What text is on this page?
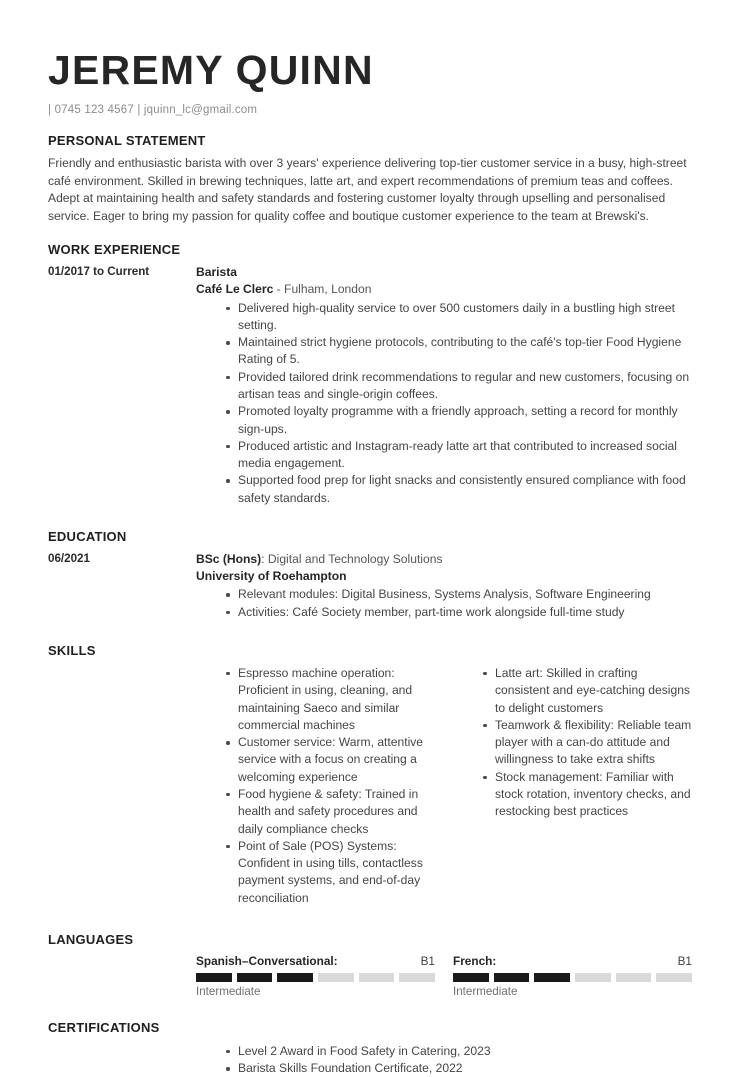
JEREMY QUINN
| 0745 123 4567 | jquinn_lc@gmail.com
PERSONAL STATEMENT
Friendly and enthusiastic barista with over 3 years' experience delivering top-tier customer service in a busy, high-street café environment. Skilled in brewing techniques, latte art, and expert recommendations of premium teas and coffees. Adept at maintaining health and safety standards and fostering customer loyalty through upselling and personalised service. Eager to bring my passion for quality coffee and boutique customer experience to the team at Brewski's.
WORK EXPERIENCE
01/2017 to Current	Barista
Café Le Clerc - Fulham, London
Delivered high-quality service to over 500 customers daily in a bustling high street setting.
Maintained strict hygiene protocols, contributing to the café's top-tier Food Hygiene Rating of 5.
Provided tailored drink recommendations to regular and new customers, focusing on artisan teas and single-origin coffees.
Promoted loyalty programme with a friendly approach, setting a record for monthly sign-ups.
Produced artistic and Instagram-ready latte art that contributed to increased social media engagement.
Supported food prep for light snacks and consistently ensured compliance with food safety standards.
EDUCATION
06/2021	BSc (Hons): Digital and Technology Solutions
University of Roehampton
Relevant modules: Digital Business, Systems Analysis, Software Engineering
Activities: Café Society member, part-time work alongside full-time study
SKILLS
Espresso machine operation: Proficient in using, cleaning, and maintaining Saeco and similar commercial machines
Customer service: Warm, attentive service with a focus on creating a welcoming experience
Food hygiene & safety: Trained in health and safety procedures and daily compliance checks
Point of Sale (POS) Systems: Confident in using tills, contactless payment systems, and end-of-day reconciliation
Latte art: Skilled in crafting consistent and eye-catching designs to delight customers
Teamwork & flexibility: Reliable team player with a can-do attitude and willingness to take extra shifts
Stock management: Familiar with stock rotation, inventory checks, and restocking best practices
LANGUAGES
Spanish–Conversational:	B1
Intermediate
French:	B1
Intermediate
CERTIFICATIONS
Level 2 Award in Food Safety in Catering, 2023
Barista Skills Foundation Certificate, 2022
